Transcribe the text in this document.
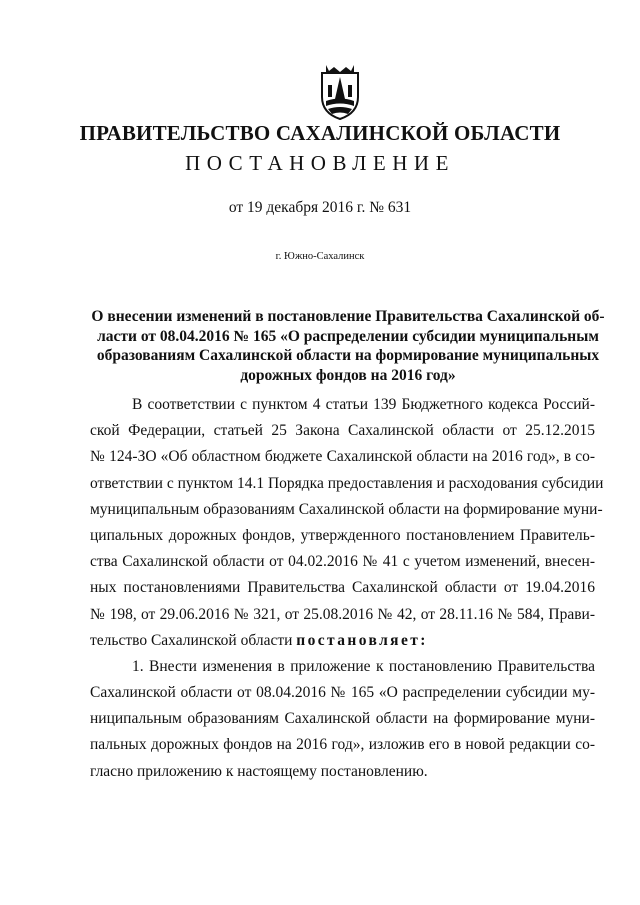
ПРАВИТЕЛЬСТВО САХАЛИНСКОЙ ОБЛАСТИ
ПОСТАНОВЛЕНИЕ
от 19 декабря 2016 г. № 631
г. Южно-Сахалинск
О внесении изменений в постановление Правительства Сахалинской об-
ласти от 08.04.2016 № 165 «О распределении субсидии муниципальным
образованиям Сахалинской области на формирование муниципальных
дорожных фондов на 2016 год»
В соответствии с пунктом 4 статьи 139 Бюджетного кодекса Россий-
ской Федерации, статьей 25 Закона Сахалинской области от 25.12.2015
№ 124-ЗО «Об областном бюджете Сахалинской области на 2016 год», в со-
ответствии с пунктом 14.1 Порядка предоставления и расходования субсидии
муниципальным образованиям Сахалинской области на формирование муни-
ципальных дорожных фондов, утвержденного постановлением Правитель-
ства Сахалинской области от 04.02.2016 № 41 с учетом изменений, внесен-
ных постановлениями Правительства Сахалинской области от 19.04.2016
№ 198, от 29.06.2016 № 321, от 25.08.2016 № 42, от 28.11.16 № 584, Прави-
тельство Сахалинской области постановляет:
1. Внести изменения в приложение к постановлению Правительства
Сахалинской области от 08.04.2016 № 165 «О распределении субсидии му-
ниципальным образованиям Сахалинской области на формирование муни-
пальных дорожных фондов на 2016 год», изложив его в новой редакции со-
гласно приложению к настоящему постановлению.
